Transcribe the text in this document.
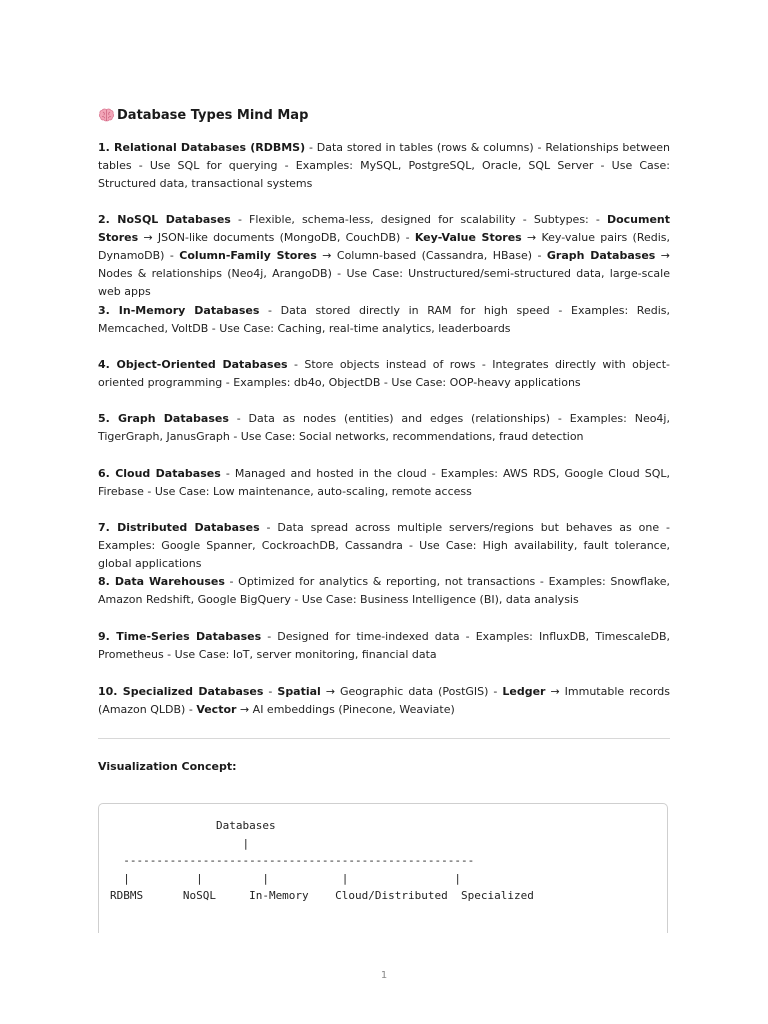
Database Types Mind Map
1. Relational Databases (RDBMS) - Data stored in tables (rows & columns) - Relationships between tables - Use SQL for querying - Examples: MySQL, PostgreSQL, Oracle, SQL Server - Use Case: Structured data, transactional systems
2. NoSQL Databases - Flexible, schema-less, designed for scalability - Subtypes: - Document Stores → JSON-like documents (MongoDB, CouchDB) - Key-Value Stores → Key-value pairs (Redis, DynamoDB) - Column-Family Stores → Column-based (Cassandra, HBase) - Graph Databases → Nodes & relationships (Neo4j, ArangoDB) - Use Case: Unstructured/semi-structured data, large-scale web apps
3. In-Memory Databases - Data stored directly in RAM for high speed - Examples: Redis, Memcached, VoltDB - Use Case: Caching, real-time analytics, leaderboards
4. Object-Oriented Databases - Store objects instead of rows - Integrates directly with object-oriented programming - Examples: db4o, ObjectDB - Use Case: OOP-heavy applications
5. Graph Databases - Data as nodes (entities) and edges (relationships) - Examples: Neo4j, TigerGraph, JanusGraph - Use Case: Social networks, recommendations, fraud detection
6. Cloud Databases - Managed and hosted in the cloud - Examples: AWS RDS, Google Cloud SQL, Firebase - Use Case: Low maintenance, auto-scaling, remote access
7. Distributed Databases - Data spread across multiple servers/regions but behaves as one - Examples: Google Spanner, CockroachDB, Cassandra - Use Case: High availability, fault tolerance, global applications
8. Data Warehouses - Optimized for analytics & reporting, not transactions - Examples: Snowflake, Amazon Redshift, Google BigQuery - Use Case: Business Intelligence (BI), data analysis
9. Time-Series Databases - Designed for time-indexed data - Examples: InfluxDB, TimescaleDB, Prometheus - Use Case: IoT, server monitoring, financial data
10. Specialized Databases - Spatial → Geographic data (PostGIS) - Ledger → Immutable records (Amazon QLDB) - Vector → AI embeddings (Pinecone, Weaviate)
Visualization Concept:
Databases
|
-----------------------------------------------------
|          |         |           |                |
RDBMS      NoSQL     In-Memory    Cloud/Distributed  Specialized
1
